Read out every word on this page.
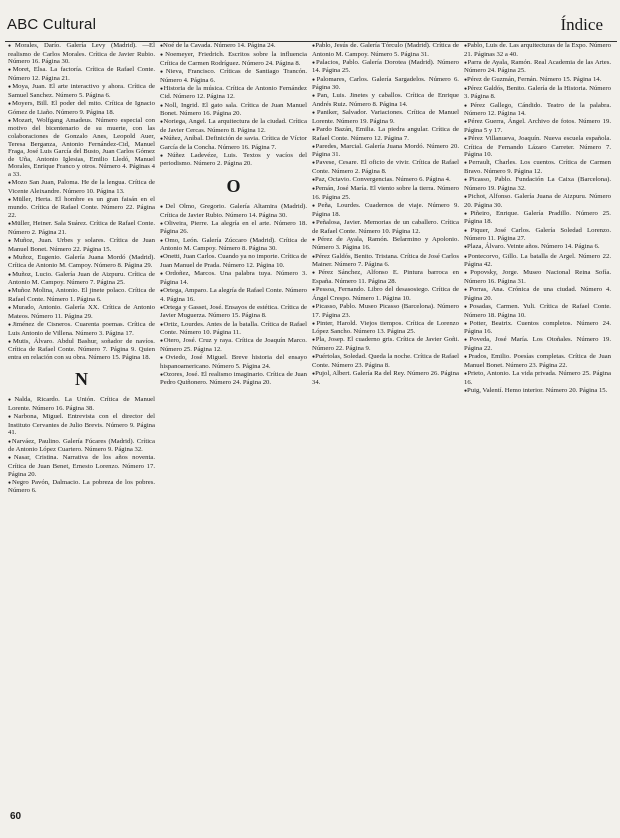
ABC Cultural	Índice
● Morales, Darío. Galería Levy (Madrid). —El realismo de Carlos Morales. Crítica de Javier Rubio. Número 16. Página 30.
● Moret, Elsa. La factoría. Crítica de Rafael Conte. Número 12. Página 21.
● Moya, Juan. El arte interactivo y ahora. Crítica de Samuel Sanchez. Número 5. Página 6.
● Moyers, Bill. El poder del mito. Crítica de Ignacio Gómez de Liaño. Número 9. Página 18.
● Mozart, Wolfgang Amadeus. Número especial con motivo del bicentenario de su muerte, con las colaboraciones de Gonzalo Anes, Leopold Auer, Teresa Berganza, Antonio Fernández-Cid, Manuel Fraga, José Luis García del Busto, Juan Carlos Gómez de Uña, Antonio Iglesias, Emilio Lledó, Manuel Morales, Enrique Franco y otros. Número 4. Páginas 4 a 33.
● Mozo San Juan, Paloma. He de la lengua. Crítica de Vicente Aleixandre. Número 10. Página 13.
● Müller, Herta. El hombre es un gran faisán en el mundo. Crítica de Rafael Conte. Número 22. Página 22.
● Müller, Heiner. Sala Suárez. Crítica de Rafael Conte. Número 2. Página 21.
● Muñoz, Juan. Urbes y solares. Crítica de Juan Manuel Bonet. Número 22. Página 15.
● Muñoz, Eugenio. Galería Juana Mordó (Madrid). Crítica de Antonio M. Campoy. Número 8. Página 29.
● Muñoz, Lucio. Galería Juan de Aizpuru. Crítica de Antonio M. Campoy. Número 7. Página 25.
● Muñoz Molina, Antonio. El jinete polaco. Crítica de Rafael Conte. Número 1. Página 6.
● Murado, Antonio. Galería XX. Crítica de Antonio Mateos. Número 11. Página 29.
● Jiménez de Cisneros. Cuarenta poemas. Crítica de Luis Antonio de Villena. Número 3. Página 17.
● Mutis, Álvaro. Abdul Bashur, soñador de navíos. Crítica de Rafael Conte. Número 7. Página 9. Quien entra en relación con su obra. Número 15. Página 18.
N
● Nalda, Ricardo. La Unión. Crítica de Manuel Lorente. Número 16. Página 38.
● Narbona, Miguel. Entrevista con el director del Instituto Cervantes de Julio Brevis. Número 9. Página 41.
● Narváez, Paulino. Galería Fúcares (Madrid). Crítica de Antonio López Cuartero. Número 9. Página 32.
● Nasar, Cristina. Narrativa de los años noventa. Crítica de Juan Benet, Ernesto Lorenzo. Número 17. Página 20.
● Negro Pavón, Dalmacio. La pobreza de los pobres. Número 6.
● Noé de la Cavada. Número 14. Página 24.
● Noemeyer, Friedrich. Escritos sobre la influencia Crítica de Carmen Rodríguez. Número 24. Página 8.
● Nieva, Francisco. Críticas de Santiago Trancón. Número 4. Página 6.
● Historia de la música. Crítica de Antonio Fernández Cid. Número 12. Página 12.
● Noll, Ingrid. El gato sala. Crítica de Juan Manuel Bonet. Número 16. Página 20.
● Noriega, Angel. La arquitectura de la ciudad. Crítica de Javier Cercas. Número 8. Página 12.
● Núñez, Aníbal. Definición de savia. Crítica de Víctor García de la Concha. Número 16. Página 7.
● Núñez Ladevéze, Luis. Textos y vacíos del periodismo. Número 2. Página 20.
O
● Del Olmo, Gregorio. Galería Altamira (Madrid). Crítica de Javier Rubio. Número 14. Página 30.
● Oliveira, Pierre. La alegría en el arte. Número 18. Página 26.
● Omo, León. Galería Zúccaro (Madrid). Crítica de Antonio M. Campoy. Número 8. Página 30.
● Onetti, Juan Carlos. Cuando ya no importe. Crítica de Juan Manuel de Prada. Número 12. Página 10.
● Ordoñez, Marcos. Una palabra tuya. Número 3. Página 14.
● Ortega, Amparo. La alegría de Rafael Conte. Número 4. Página 16.
● Ortega y Gasset, José. Ensayos de estética. Crítica de Javier Muguerza. Número 15. Página 8.
● Ortiz, Lourdes. Antes de la batalla. Crítica de Rafael Conte. Número 10. Página 11.
● Otero, José. Cruz y raya. Crítica de Joaquín Marco. Número 25. Página 12.
● Oviedo, José Miguel. Breve historia del ensayo hispanoamericano. Número 5. Página 24.
● Ozores, José. El realismo imaginario. Crítica de Juan Pedro Quiñonero. Número 24. Página 20.
● Pablo, Jesús de. Galería Tórculo (Madrid). Crítica de Antonio M. Campoy. Número 5. Página 31.
● Palacios, Pablo. Galería Dorotea (Madrid). Número 14. Página 25.
● Palomares, Carlos. Galería Sargadelos. Número 6. Página 30.
● Pan, Luis. Jinetes y caballos. Crítica de Enrique Andrés Ruiz. Número 8. Página 14.
● Paniker, Salvador. Variaciones. Crítica de Manuel Lorente. Número 19. Página 9.
● Pardo Bazán, Emilia. La piedra angular. Crítica de Rafael Conte. Número 12. Página 7.
● Paredes, Marcial. Galería Juana Mordó. Número 20. Página 31.
● Pavese, Cesare. El oficio de vivir. Crítica de Rafael Conte. Número 2. Página 8.
● Paz, Octavio. Convergencias. Número 6. Página 4.
● Pemán, José María. El viento sobre la tierra. Número 16. Página 25.
● Peña, Lourdes. Cuadernos de viaje. Número 9. Página 18.
● Peñalosa, Javier. Memorias de un caballero. Crítica de Rafael Conte. Número 10. Página 12.
● Pérez de Ayala, Ramón. Belarmino y Apolonio. Número 3. Página 16.
● Pérez Galdós, Benito. Tristana. Crítica de José Carlos Mainer. Número 7. Página 6.
● Pérez Sánchez, Alfonso E. Pintura barroca en España. Número 11. Página 28.
● Pessoa, Fernando. Libro del desasosiego. Crítica de Ángel Crespo. Número 1. Página 10.
● Picasso, Pablo. Museo Picasso (Barcelona). Número 17. Página 23.
● Pinter, Harold. Viejos tiempos. Crítica de Lorenzo López Sancho. Número 13. Página 25.
● Pla, Josep. El cuaderno gris. Crítica de Javier Goñi. Número 22. Página 9.
● Puértolas, Soledad. Queda la noche. Crítica de Rafael Conte. Número 23. Página 8.
● Pujol, Albert. Galería Ra del Rey. Número 26. Página 34.
● Pablo, Luis de. Las arquitecturas de la Expo. Número 21. Páginas 32 a 40.
● Parra de Ayala, Ramón. Real Academia de las Artes. Número 24. Página 25.
● Pérez de Guzmán, Fernán. Número 15. Página 14.
● Pérez Galdós, Benito. Galería de la Historia. Número 3. Página 8.
● Pérez Gallego, Cándido. Teatro de la palabra. Número 12. Página 14.
● Pérez Guerra, Ángel. Archivo de fotos. Número 19. Página 5 y 17.
● Pérez Villanueva, Joaquín. Nueva escuela española. Crítica de Fernando Lázaro Carreter. Número 7. Página 10.
● Perrault, Charles. Los cuentos. Crítica de Carmen Bravo. Número 9. Página 12.
● Picasso, Pablo. Fundación La Caixa (Barcelona). Número 19. Página 32.
● Pichot, Alfonso. Galería Juana de Aizpuru. Número 20. Página 30.
● Piñeiro, Enrique. Galería Pradillo. Número 25. Página 18.
● Piquer, José Carlos. Galería Soledad Lorenzo. Número 11. Página 27.
● Plaza, Álvaro. Veinte años. Número 14. Página 6.
● Pontecorvo, Gillo. La batalla de Argel. Número 22. Página 42.
● Popovsky, Jorge. Museo Nacional Reina Sofía. Número 16. Página 31.
● Porras, Ana. Crónica de una ciudad. Número 4. Página 20.
● Posadas, Carmen. Yuli. Crítica de Rafael Conte. Número 18. Página 10.
● Potter, Beatrix. Cuentos completos. Número 24. Página 16.
● Poveda, José María. Los Otoñales. Número 19. Página 22.
● Prados, Emilio. Poesías completas. Crítica de Juan Manuel Bonet. Número 23. Página 22.
● Prieto, Antonio. La vida privada. Número 25. Página 16.
● Puig, Valentí. Hemo interior. Número 20. Página 15.
60
